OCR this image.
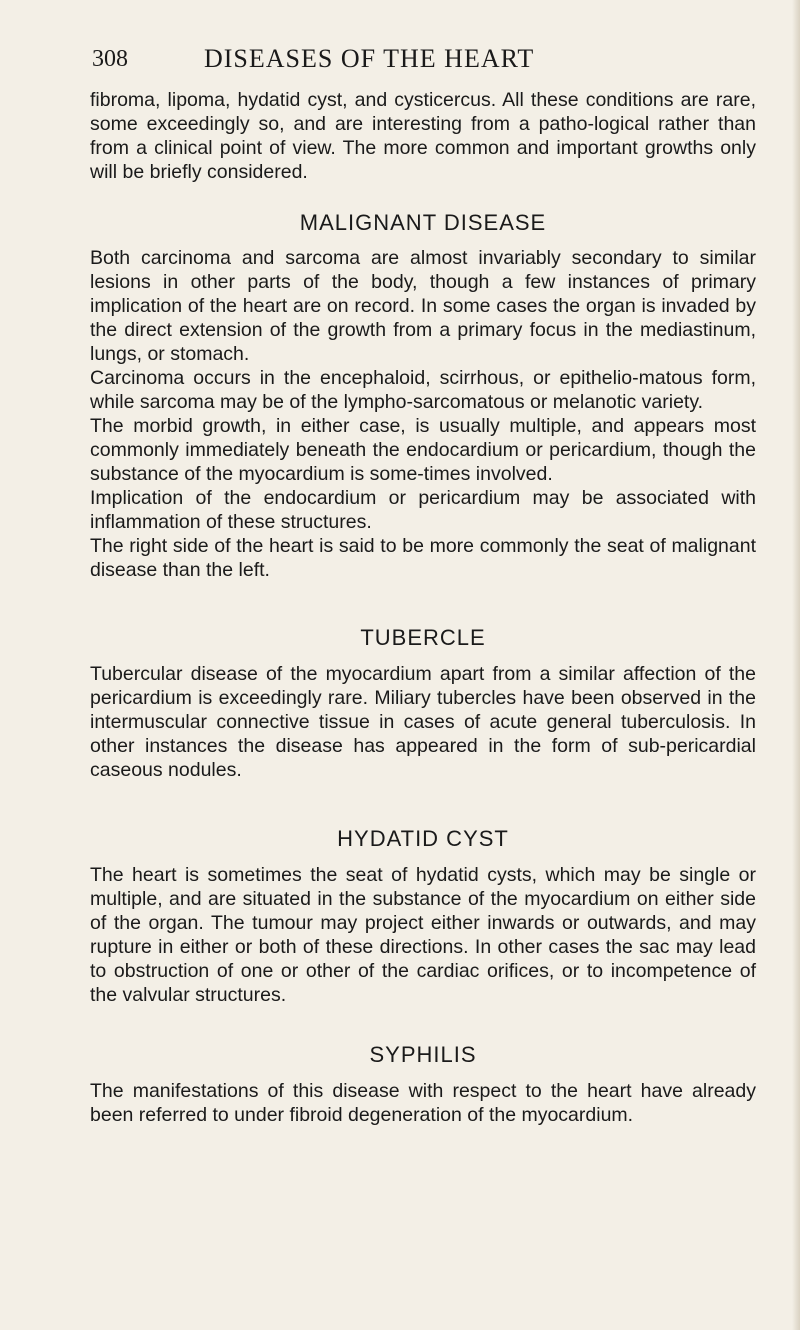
308	DISEASES OF THE HEART

fibroma, lipoma, hydatid cyst, and cysticercus. All these conditions are rare, some exceedingly so, and are interesting from a patho-logical rather than from a clinical point of view. The more common and important growths only will be briefly considered.

MALIGNANT DISEASE

Both carcinoma and sarcoma are almost invariably secondary to similar lesions in other parts of the body, though a few instances of primary implication of the heart are on record. In some cases the organ is invaded by the direct extension of the growth from a primary focus in the mediastinum, lungs, or stomach.

Carcinoma occurs in the encephaloid, scirrhous, or epithelio-matous form, while sarcoma may be of the lympho-sarcomatous or melanotic variety.

The morbid growth, in either case, is usually multiple, and appears most commonly immediately beneath the endocardium or pericardium, though the substance of the myocardium is some-times involved.

Implication of the endocardium or pericardium may be associated with inflammation of these structures.

The right side of the heart is said to be more commonly the seat of malignant disease than the left.

TUBERCLE

Tubercular disease of the myocardium apart from a similar affection of the pericardium is exceedingly rare. Miliary tubercles have been observed in the intermuscular connective tissue in cases of acute general tuberculosis. In other instances the disease has appeared in the form of sub-pericardial caseous nodules.

HYDATID CYST

The heart is sometimes the seat of hydatid cysts, which may be single or multiple, and are situated in the substance of the myocardium on either side of the organ. The tumour may project either inwards or outwards, and may rupture in either or both of these directions. In other cases the sac may lead to obstruction of one or other of the cardiac orifices, or to incompetence of the valvular structures.

SYPHILIS

The manifestations of this disease with respect to the heart have already been referred to under fibroid degeneration of the myocardium.
